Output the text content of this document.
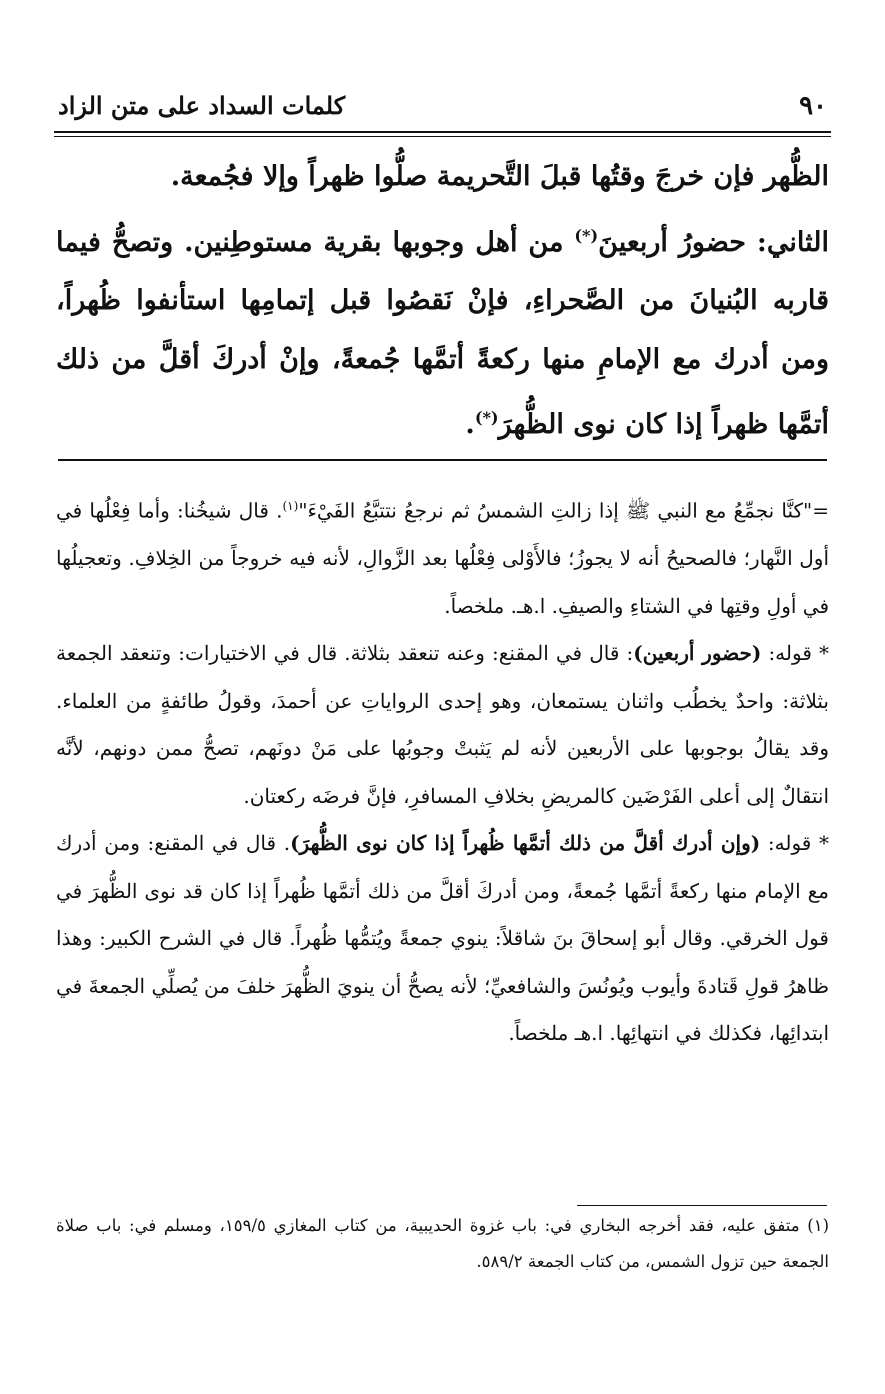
٩٠
كلمات السداد على متن الزاد

الظُّهر فإن خرجَ وقتُها قبلَ التَّحريمة صلُّوا ظهراً وإلا فجُمعة.

الثاني: حضورُ أربعينَ(*) من أهل وجوبها بقرية مستوطِنين. وتصحُّ فيما قاربه البُنيانَ من الصَّحراءِ، فإنْ نَقصُوا قبل إتمامِها استأنفوا ظُهراً، ومن أدرك مع الإمامِ منها ركعةً أتمَّها جُمعةً، وإنْ أدركَ أقلَّ من ذلك أتمَّها ظهراً إذا كان نوى الظُّهرَ(*).

="كنَّا نجمِّعُ مع النبي ﷺ إذا زالتِ الشمسُ ثم نرجعُ نتتبَّعُ الفَيْءَ"$^{(١)}$. قال شيخُنا: وأما فِعْلُها في أول النَّهار؛ فالصحيحُ أنه لا يجوزُ؛ فالأَوْلى فِعْلُها بعد الزَّوالِ، لأنه فيه خروجاً من الخِلافِ. وتعجيلُها في أولِ وقتِها في الشتاءِ والصيفِ. ا.هـ. ملخصاً.

* قوله: (حضور أربعين): قال في المقنع: وعنه تنعقد بثلاثة. قال في الاختيارات: وتنعقد الجمعة بثلاثة: واحدٌ يخطُب واثنان يستمعان، وهو إحدى الرواياتِ عن أحمدَ، وقولُ طائفةٍ من العلماء. وقد يقالُ بوجوبها على الأربعين لأنه لم يَثبتْ وجوبُها على مَنْ دونَهم، تصحُّ ممن دونهم، لأنَّه انتقالٌ إلى أعلى الفَرْضَين كالمريضِ بخلافِ المسافرِ، فإنَّ فرضَه ركعتان.

* قوله: (وإن أدرك أقلَّ من ذلك أتمَّها ظُهراً إذا كان نوى الظُّهرَ). قال في المقنع: ومن أدرك مع الإمام منها ركعةً أتمَّها جُمعةً، ومن أدركَ أقلَّ من ذلك أتمَّها ظُهراً إذا كان قد نوى الظُّهرَ في قول الخرقي. وقال أبو إسحاقَ بنَ شاقلاً: ينوي جمعةً ويُتمُّها ظُهراً. قال في الشرح الكبير: وهذا ظاهرُ قولِ قَتادةَ وأيوب ويُونُسَ والشافعيِّ؛ لأنه يصحُّ أن ينويَ الظُّهرَ خلفَ من يُصلِّي الجمعةَ في ابتدائِها، فكذلك في انتهائِها. ا.هـ ملخصاً.

(١) متفق عليه، فقد أخرجه البخاري في: باب غزوة الحديبية، من كتاب المغازي ١٥٩/٥، ومسلم في: باب صلاة الجمعة حين تزول الشمس، من كتاب الجمعة ٥٨٩/٢.
